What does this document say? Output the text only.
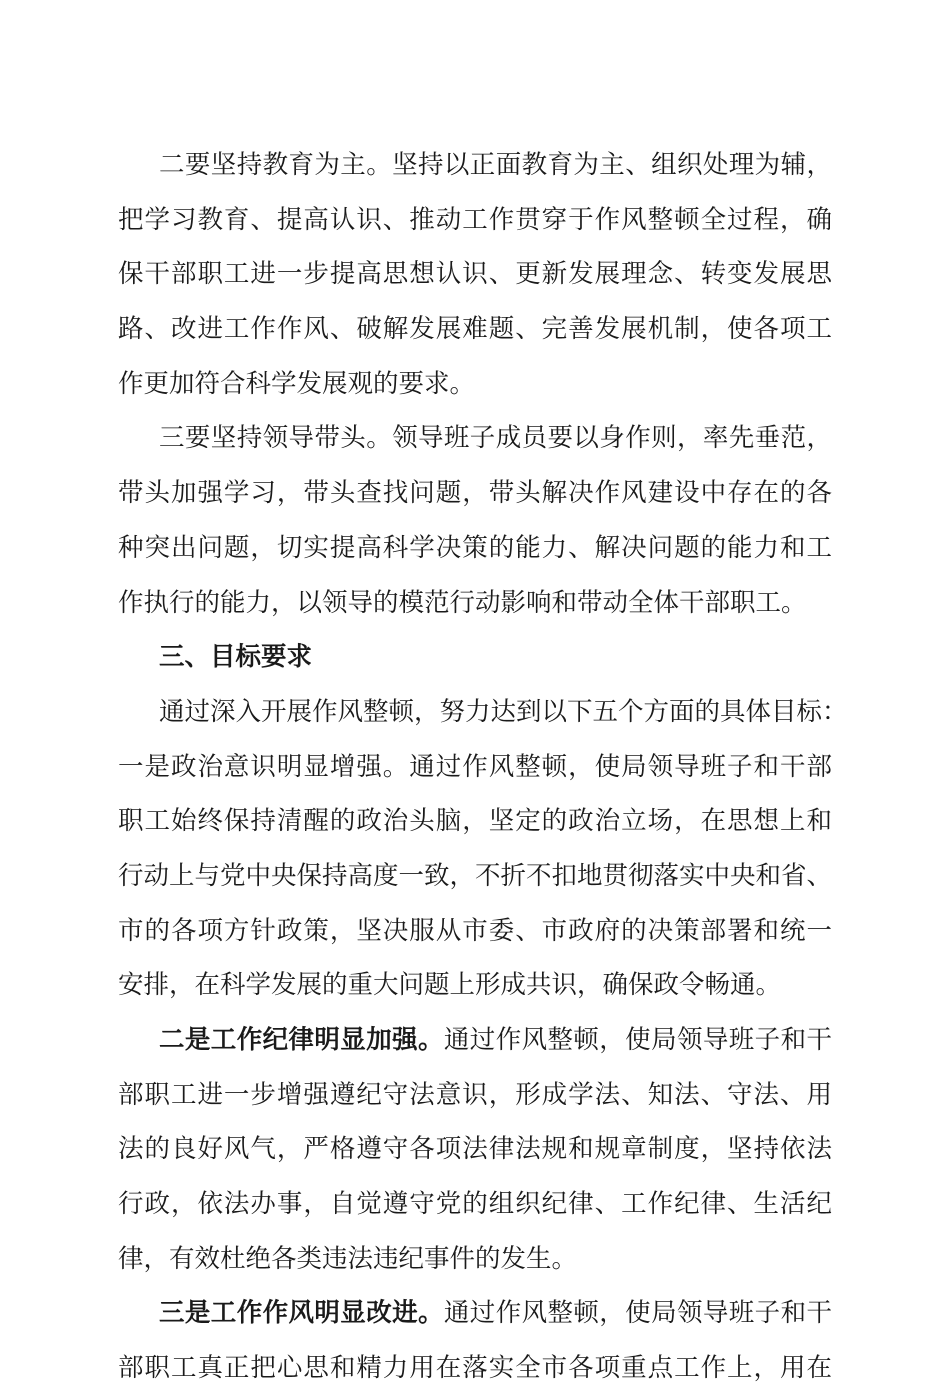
二要坚持教育为主。坚持以正面教育为主、组织处理为辅，
把学习教育、提高认识、推动工作贯穿于作风整顿全过程，确
保干部职工进一步提高思想认识、更新发展理念、转变发展思
路、改进工作作风、破解发展难题、完善发展机制，使各项工
作更加符合科学发展观的要求。
三要坚持领导带头。领导班子成员要以身作则，率先垂范，
带头加强学习，带头查找问题，带头解决作风建设中存在的各
种突出问题，切实提高科学决策的能力、解决问题的能力和工
作执行的能力，以领导的模范行动影响和带动全体干部职工。
三、目标要求
通过深入开展作风整顿，努力达到以下五个方面的具体目标：
一是政治意识明显增强。通过作风整顿，使局领导班子和干部
职工始终保持清醒的政治头脑，坚定的政治立场，在思想上和
行动上与党中央保持高度一致，不折不扣地贯彻落实中央和省、
市的各项方针政策，坚决服从市委、市政府的决策部署和统一
安排，在科学发展的重大问题上形成共识，确保政令畅通。
二是工作纪律明显加强。通过作风整顿，使局领导班子和干
部职工进一步增强遵纪守法意识，形成学法、知法、守法、用
法的良好风气，严格遵守各项法律法规和规章制度，坚持依法
行政，依法办事，自觉遵守党的组织纪律、工作纪律、生活纪
律，有效杜绝各类违法违纪事件的发生。
三是工作作风明显改进。通过作风整顿，使局领导班子和干
部职工真正把心思和精力用在落实全市各项重点工作上，用在
